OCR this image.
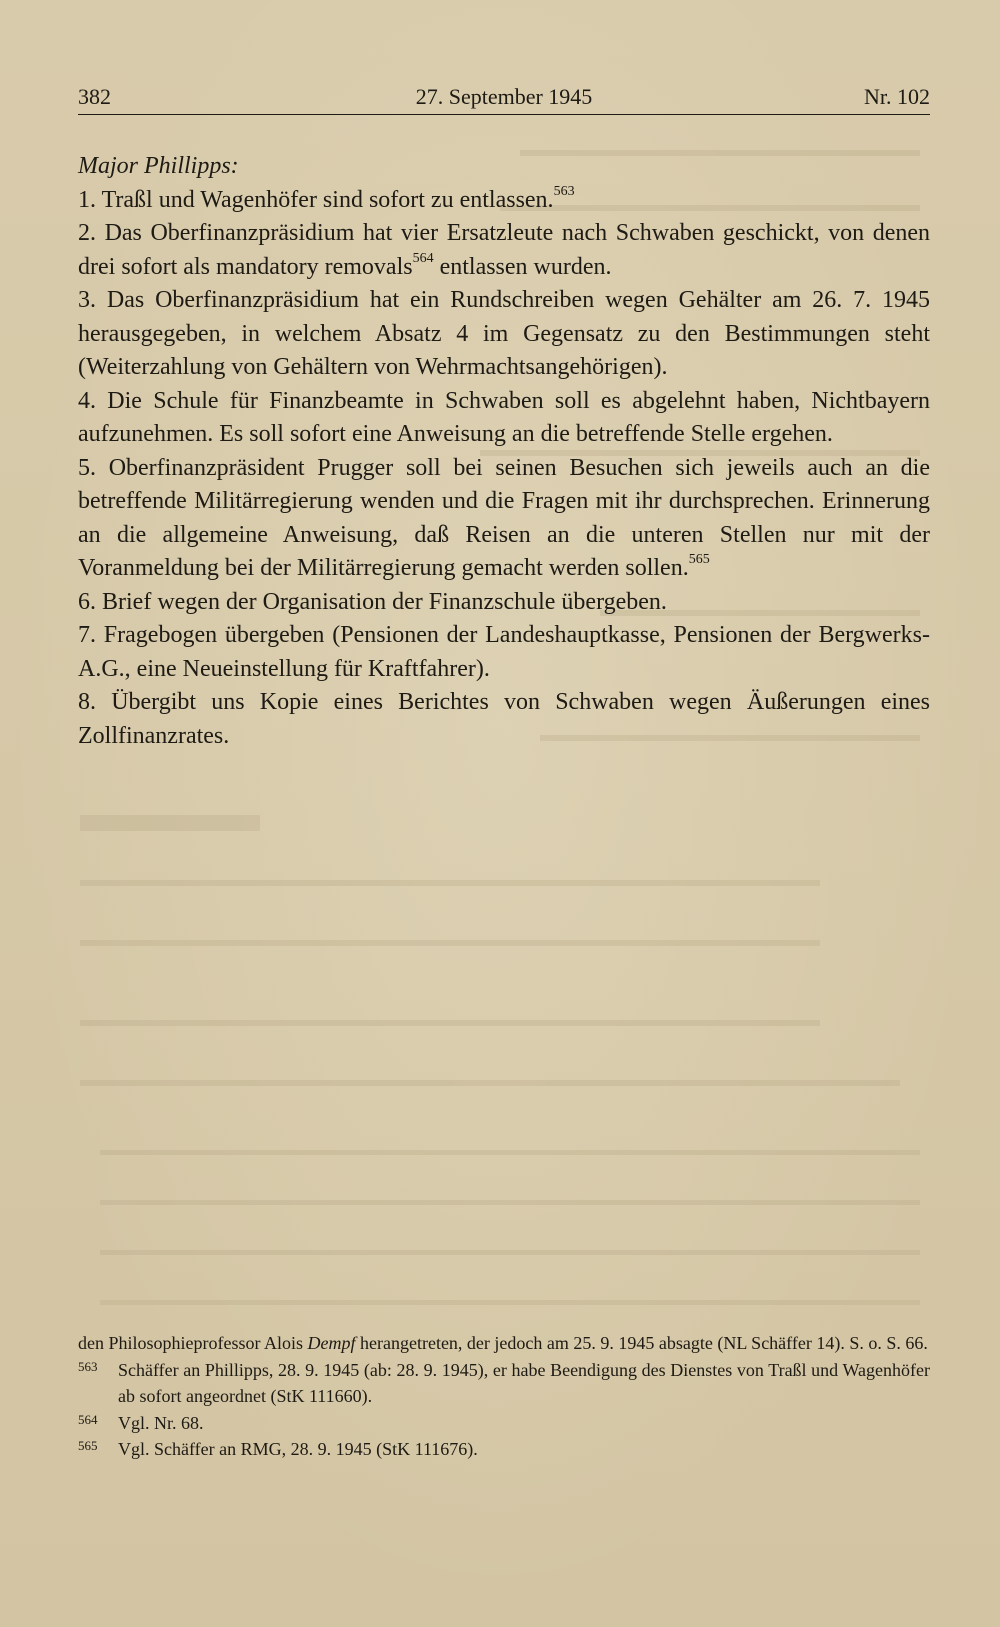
382	27. September 1945	Nr. 102

Major Phillipps:

1. Traßl und Wagenhöfer sind sofort zu entlassen.$^{563}$

2. Das Oberfinanzpräsidium hat vier Ersatzleute nach Schwaben geschickt, von denen drei sofort als mandatory removals$^{564}$ entlassen wurden.

3. Das Oberfinanzpräsidium hat ein Rundschreiben wegen Gehälter am 26. 7. 1945 herausgegeben, in welchem Absatz 4 im Gegensatz zu den Bestimmungen steht (Weiterzahlung von Gehältern von Wehrmachtsangehörigen).

4. Die Schule für Finanzbeamte in Schwaben soll es abgelehnt haben, Nichtbayern aufzunehmen. Es soll sofort eine Anweisung an die betreffende Stelle ergehen.

5. Oberfinanzpräsident Prugger soll bei seinen Besuchen sich jeweils auch an die betreffende Militärregierung wenden und die Fragen mit ihr durchsprechen. Erinnerung an die allgemeine Anweisung, daß Reisen an die unteren Stellen nur mit der Voranmeldung bei der Militärregierung gemacht werden sollen.$^{565}$

6. Brief wegen der Organisation der Finanzschule übergeben.

7. Fragebogen übergeben (Pensionen der Landeshauptkasse, Pensionen der Bergwerks-A.G., eine Neueinstellung für Kraftfahrer).

8. Übergibt uns Kopie eines Berichtes von Schwaben wegen Äußerungen eines Zollfinanzrates.

den Philosophieprofessor Alois Dempf herangetreten, der jedoch am 25. 9. 1945 absagte (NL Schäffer 14). S. o. S. 66.

563 Schäffer an Phillipps, 28. 9. 1945 (ab: 28. 9. 1945), er habe Beendigung des Dienstes von Traßl und Wagenhöfer ab sofort angeordnet (StK 111660).

564 Vgl. Nr. 68.

565 Vgl. Schäffer an RMG, 28. 9. 1945 (StK 111676).
